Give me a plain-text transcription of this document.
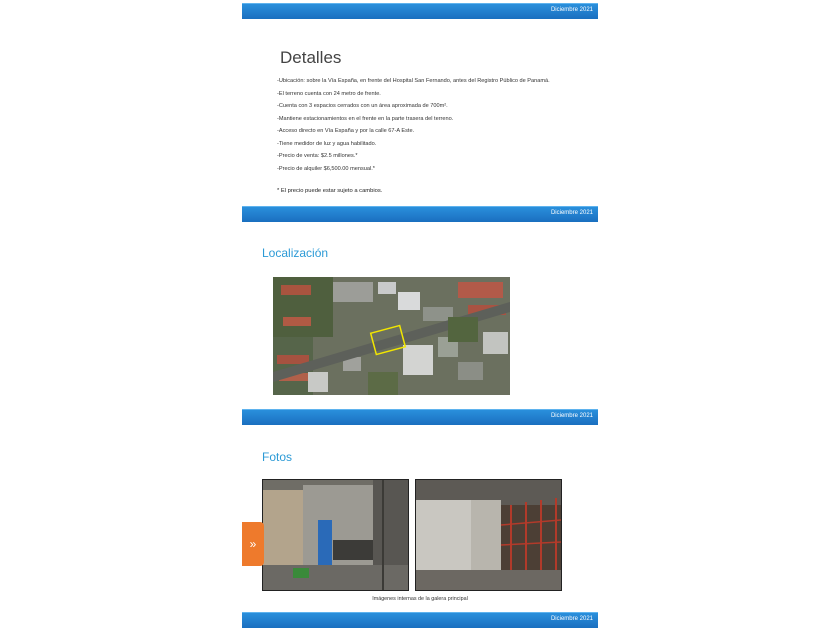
Diciembre 2021
Detalles
-Ubicación: sobre la Vía España, en frente del Hospital San Fernando, antes del Registro Público de Panamá.
-El terreno cuenta con 24 metro de frente.
-Cuenta con 3 espacios cerrados con un área aproximada de 700m².
-Mantiene estacionamientos en el frente en la parte trasera del terreno.
-Acceso directo en Vía España y por la calle 67-A Este.
-Tiene medidor de luz y agua habilitado.
-Precio de venta: $2.5 millones.*
-Precio de alquiler $6,500.00 mensual.*
* El precio puede estar sujeto a cambios.
Diciembre 2021
Localización
Diciembre 2021
Fotos
»
Imágenes internas de la galera principal
Diciembre 2021
